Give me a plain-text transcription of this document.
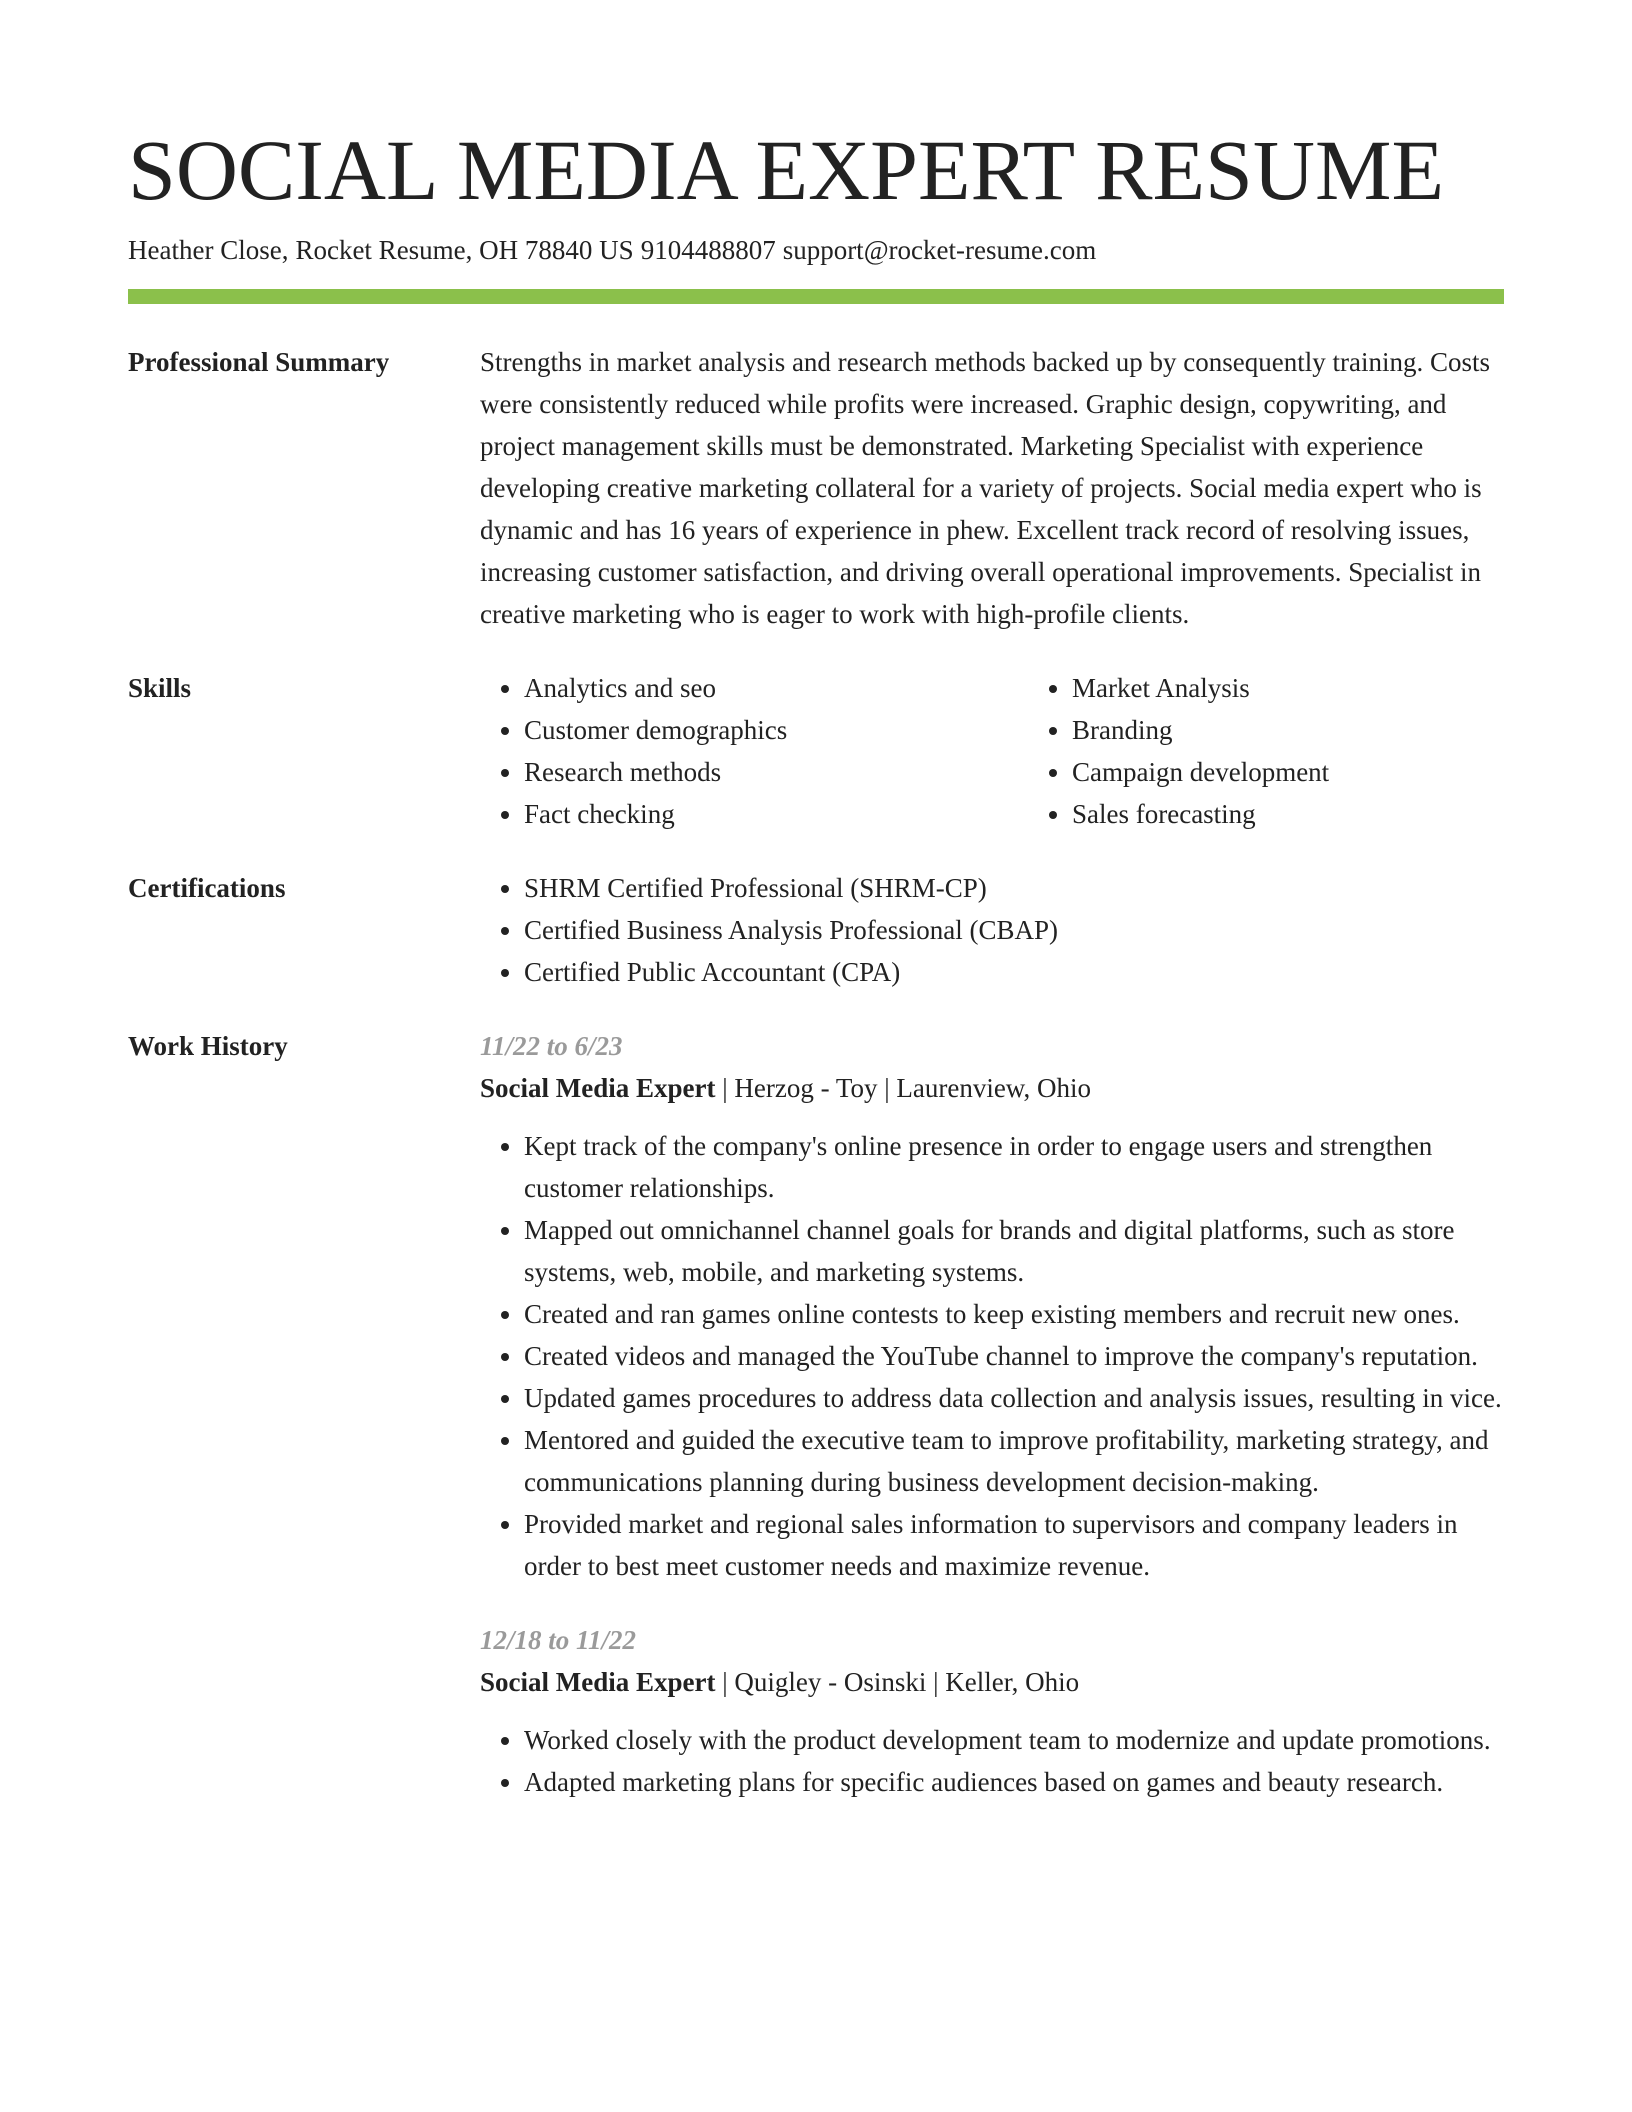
SOCIAL MEDIA EXPERT RESUME
Heather Close, Rocket Resume, OH 78840 US 9104488807 support@rocket-resume.com
Professional Summary	Strengths in market analysis and research methods backed up by consequently training. Costs were consistently reduced while profits were increased. Graphic design, copywriting, and project management skills must be demonstrated. Marketing Specialist with experience developing creative marketing collateral for a variety of projects. Social media expert who is dynamic and has 16 years of experience in phew. Excellent track record of resolving issues, increasing customer satisfaction, and driving overall operational improvements. Specialist in creative marketing who is eager to work with high-profile clients.

Skills	• Analytics and seo
• Customer demographics
• Research methods
• Fact checking
• Market Analysis
• Branding
• Campaign development
• Sales forecasting
Certifications	• SHRM Certified Professional (SHRM-CP)
• Certified Business Analysis Professional (CBAP)
• Certified Public Accountant (CPA)
Work History	11/22 to 6/23
Social Media Expert | Herzog - Toy | Laurenview, Ohio
• Kept track of the company's online presence in order to engage users and strengthen customer relationships.
• Mapped out omnichannel channel goals for brands and digital platforms, such as store systems, web, mobile, and marketing systems.
• Created and ran games online contests to keep existing members and recruit new ones.
• Created videos and managed the YouTube channel to improve the company's reputation.
• Updated games procedures to address data collection and analysis issues, resulting in vice.
• Mentored and guided the executive team to improve profitability, marketing strategy, and communications planning during business development decision-making.
• Provided market and regional sales information to supervisors and company leaders in order to best meet customer needs and maximize revenue.
12/18 to 11/22
Social Media Expert | Quigley - Osinski | Keller, Ohio
• Worked closely with the product development team to modernize and update promotions.
• Adapted marketing plans for specific audiences based on games and beauty research.
